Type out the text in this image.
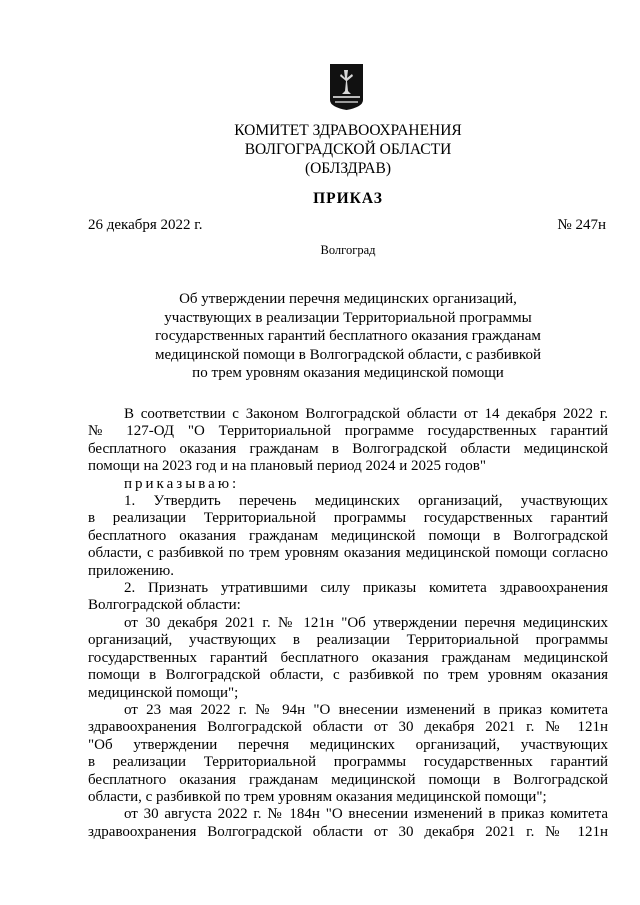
КОМИТЕТ ЗДРАВООХРАНЕНИЯ
ВОЛГОГРАДСКОЙ ОБЛАСТИ
(ОБЛЗДРАВ)
ПРИКАЗ
26 декабря 2022 г.	№ 247н
Волгоград
Об утверждении перечня медицинских организаций,
участвующих в реализации Территориальной программы
государственных гарантий бесплатного оказания гражданам
медицинской помощи в Волгоградской области, с разбивкой
по трем уровням оказания медицинской помощи

В соответствии с Законом Волгоградской области от 14 декабря 2022 г.

№ 127-ОД "О Территориальной программе государственных гарантий

бесплатного оказания гражданам в Волгоградской области медицинской

помощи на 2023 год и на плановый период 2024 и 2025 годов"

приказываю:

1. Утвердить перечень медицинских организаций, участвующих

в реализации Территориальной программы государственных гарантий

бесплатного оказания гражданам медицинской помощи в Волгоградской

области, с разбивкой по трем уровням оказания медицинской помощи согласно

приложению.

2. Признать утратившими силу приказы комитета здравоохранения

Волгоградской области:

от 30 декабря 2021 г. № 121н "Об утверждении перечня медицинских

организаций, участвующих в реализации Территориальной программы

государственных гарантий бесплатного оказания гражданам медицинской

помощи в Волгоградской области, с разбивкой по трем уровням оказания

медицинской помощи";

от 23 мая 2022 г. № 94н "О внесении изменений в приказ комитета

здравоохранения Волгоградской области от 30 декабря 2021 г. № 121н

"Об утверждении перечня медицинских организаций, участвующих

в реализации Территориальной программы государственных гарантий

бесплатного оказания гражданам медицинской помощи в Волгоградской

области, с разбивкой по трем уровням оказания медицинской помощи";

от 30 августа 2022 г. № 184н "О внесении изменений в приказ комитета

здравоохранения Волгоградской области от 30 декабря 2021 г. № 121н
